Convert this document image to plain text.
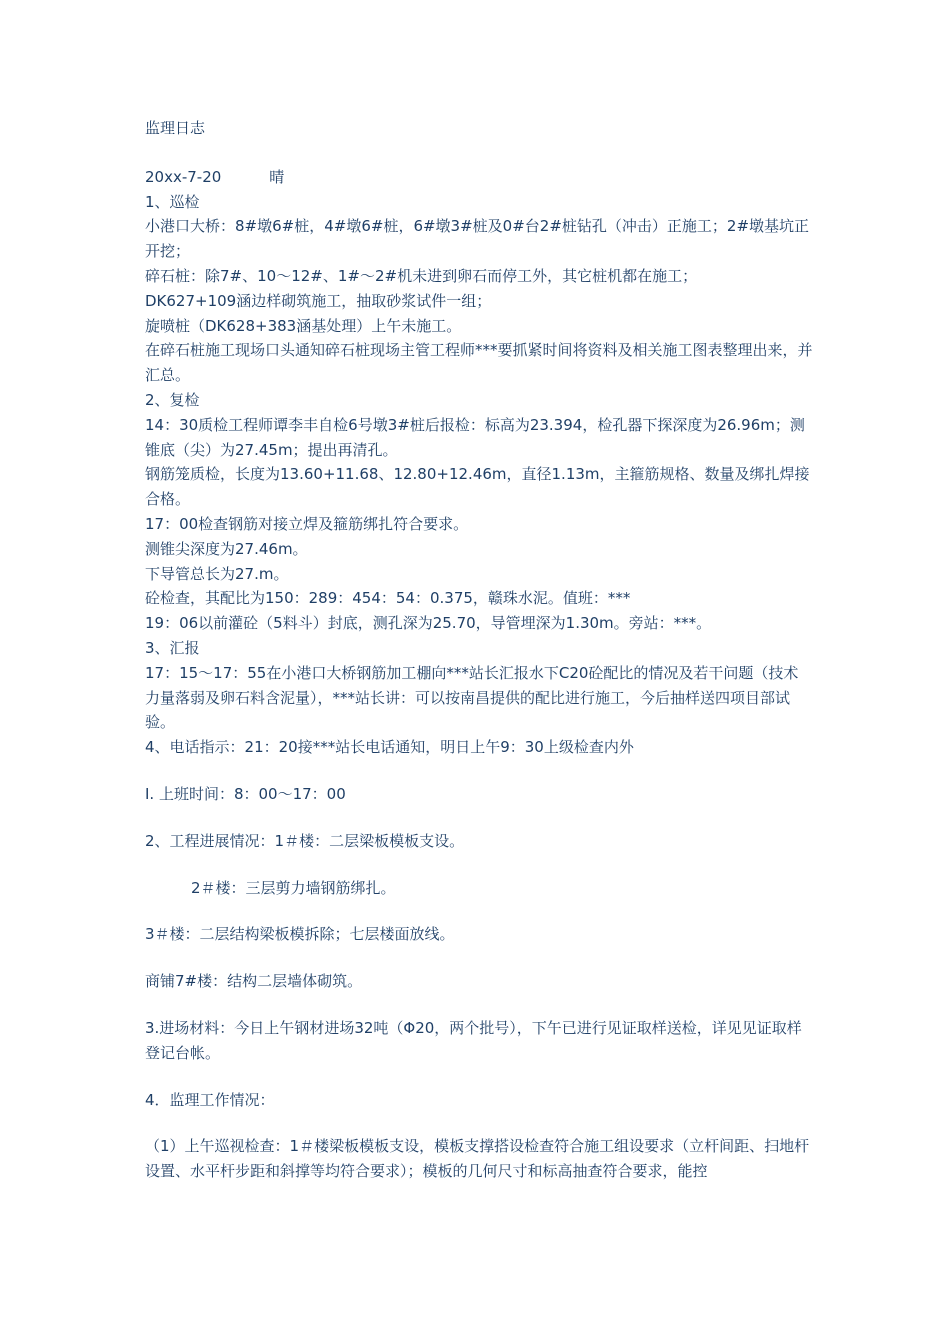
监理日志

20xx-7-20	晴

1、巡检

小港口大桥：8#墩6#桩，4#墩6#桩，6#墩3#桩及0#台2#桩钻孔（冲击）正施工；2#墩基坑正开挖；

碎石桩：除7#、10～12#、1#～2#机未进到卵石而停工外，其它桩机都在施工；

DK627+109涵边样砌筑施工，抽取砂浆试件一组；

旋喷桩（DK628+383涵基处理）上午未施工。

在碎石桩施工现场口头通知碎石桩现场主管工程师***要抓紧时间将资料及相关施工图表整理出来，并汇总。

2、复检

14：30质检工程师谭李丰自检6号墩3#桩后报检：标高为23.394，检孔器下探深度为26.96m；测锥底（尖）为27.45m；提出再清孔。

钢筋笼质检，长度为13.60+11.68、12.80+12.46m，直径1.13m，主箍筋规格、数量及绑扎焊接合格。

17：00检查钢筋对接立焊及箍筋绑扎符合要求。

测锥尖深度为27.46m。

下导管总长为27.m。

砼检查，其配比为150：289：454：54：0.375，赣珠水泥。值班：***

19：06以前灌砼（5料斗）封底，测孔深为25.70，导管埋深为1.30m。旁站：***。

3、汇报

17：15～17：55在小港口大桥钢筋加工棚向***站长汇报水下C20砼配比的情况及若干问题（技术力量落弱及卵石料含泥量），***站长讲：可以按南昌提供的配比进行施工，今后抽样送四项目部试验。

4、电话指示：21：20接***站长电话通知，明日上午9：30上级检查内外

I. 上班时间：8：00～17：00

2、工程进展情况：1＃楼：二层梁板模板支设。

2＃楼：三层剪力墙钢筋绑扎。

3＃楼：二层结构梁板模拆除；七层楼面放线。

商铺7#楼：结构二层墙体砌筑。

3.进场材料：今日上午钢材进场32吨（Φ20，两个批号），下午已进行见证取样送检，详见见证取样登记台帐。

4．监理工作情况：

（1）上午巡视检查：1＃楼梁板模板支设，模板支撑搭设检查符合施工组设要求（立杆间距、扫地杆设置、水平杆步距和斜撑等均符合要求）；模板的几何尺寸和标高抽查符合要求，能控
